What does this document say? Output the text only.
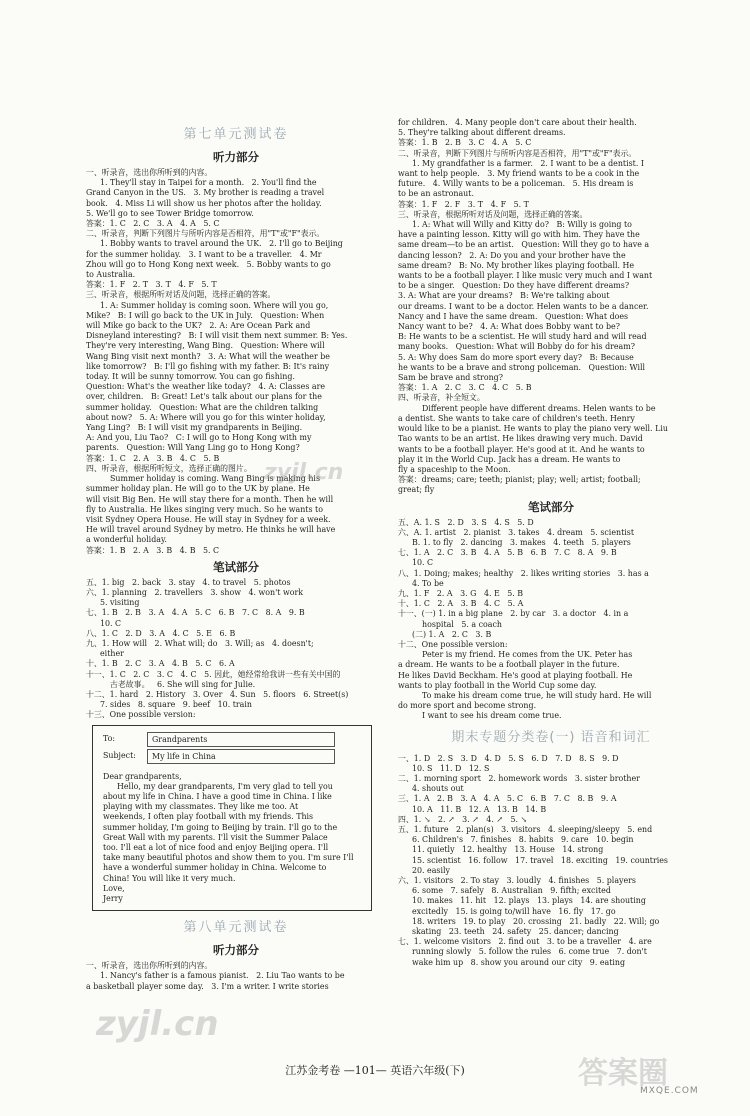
第七单元测试卷
听力部分
一、听录音，选出你所听到的内容。
1. They'll stay in Taipei for a month.   2. You'll find the
Grand Canyon in the US.   3. My brother is reading a travel
book.   4. Miss Li will show us her photos after the holiday.
5. We'll go to see Tower Bridge tomorrow.
答案：1. C   2. C   3. A   4. A   5. C
二、听录音，判断下列图片与所听内容是否相符，用"T"或"F"表示。
1. Bobby wants to travel around the UK.   2. I'll go to Beijing
for the summer holiday.   3. I want to be a traveller.   4. Mr
Zhou will go to Hong Kong next week.   5. Bobby wants to go
to Australia.
答案：1. F   2. T   3. T   4. F   5. T
三、听录音，根据所听对话及问题，选择正确的答案。
1. A: Summer holiday is coming soon. Where will you go,
Mike?   B: I will go back to the UK in July.   Question: When
will Mike go back to the UK?   2. A: Are Ocean Park and
Disneyland interesting?   B: I will visit them next summer. B: Yes.
They're very interesting, Wang Bing.   Question: Where will
Wang Bing visit next month?   3. A: What will the weather be
like tomorrow?   B: I'll go fishing with my father. B: It's rainy
today. It will be sunny tomorrow. You can go fishing.
Question: What's the weather like today?   4. A: Classes are
over, children.   B: Great! Let's talk about our plans for the
summer holiday.   Question: What are the children talking
about now?   5. A: Where will you go for this winter holiday,
Yang Ling?   B: I will visit my grandparents in Beijing.
A: And you, Liu Tao?   C: I will go to Hong Kong with my
parents.   Question: Will Yang Ling go to Hong Kong?
答案：1. C   2. A   3. B   4. C   5. B
四、听录音，根据所听短文，选择正确的图片。
Summer holiday is coming. Wang Bing is making his
summer holiday plan. He will go to the UK by plane. He
will visit Big Ben. He will stay there for a month. Then he will
fly to Australia. He likes singing very much. So he wants to
visit Sydney Opera House. He will stay in Sydney for a week.
He will travel around Sydney by metro. He thinks he will have
a wonderful holiday.
答案：1. B   2. A   3. B   4. B   5. C
笔试部分
五、1. big   2. back   3. stay   4. to travel   5. photos
六、1. planning   2. travellers   3. show   4. won't work
5. visiting
七、1. B   2. B   3. A   4. A   5. C   6. B   7. C   8. A   9. B
10. C
八、1. C   2. D   3. A   4. C   5. E   6. B
九、1. How will   2. What will; do   3. Will; as   4. doesn't;
either
十、1. B   2. C   3. A   4. B   5. C   6. A
十一、1. C   2. C   3. C   4. C   5. 因此，她经常给我讲一些有关中国的
古老故事。   6. She will sing for Julie.
十二、1. hard   2. History   3. Over   4. Sun   5. floors   6. Street(s)
7. sides   8. square   9. beef   10. train
十三、One possible version:
To:	Grandparents
Subject:	My life in China
Dear grandparents,
Hello, my dear grandparents, I'm very glad to tell you
about my life in China. I have a good time in China. I like
playing with my classmates. They like me too. At
weekends, I often play football with my friends. This
summer holiday, I'm going to Beijing by train. I'll go to the
Great Wall with my parents. I'll visit the Summer Palace
too. I'll eat a lot of nice food and enjoy Beijing opera. I'll
take many beautiful photos and show them to you. I'm sure I'll
have a wonderful summer holiday in China. Welcome to
China! You will like it very much.
Love,
Jerry
第八单元测试卷
听力部分
一、听录音，选出你所听到的内容。
1. Nancy's father is a famous pianist.   2. Liu Tao wants to be
a basketball player some day.   3. I'm a writer. I write stories
for children.   4. Many people don't care about their health.
5. They're talking about different dreams.
答案：1. B   2. B   3. C   4. A   5. C
二、听录音，判断下列图片与所听内容是否相符，用"T"或"F"表示。
1. My grandfather is a farmer.   2. I want to be a dentist. I
want to help people.   3. My friend wants to be a cook in the
future.   4. Willy wants to be a policeman.   5. His dream is
to be an astronaut.
答案：1. F   2. F   3. T   4. F   5. T
三、听录音，根据所听对话及问题，选择正确的答案。
1. A: What will Willy and Kitty do?   B: Willy is going to
have a painting lesson. Kitty will go with him. They have the
same dream—to be an artist.   Question: Will they go to have a
dancing lesson?   2. A: Do you and your brother have the
same dream?   B: No. My brother likes playing football. He
wants to be a football player. I like music very much and I want
to be a singer.   Question: Do they have different dreams?
3. A: What are your dreams?   B: We're talking about
our dreams. I want to be a doctor. Helen wants to be a dancer.
Nancy and I have the same dream.   Question: What does
Nancy want to be?   4. A: What does Bobby want to be?
B: He wants to be a scientist. He will study hard and will read
many books.   Question: What will Bobby do for his dream?
5. A: Why does Sam do more sport every day?   B: Because
he wants to be a brave and strong policeman.   Question: Will
Sam be brave and strong?
答案：1. A   2. C   3. C   4. C   5. B
四、听录音，补全短文。
Different people have different dreams. Helen wants to be
a dentist. She wants to take care of children's teeth. Henry
would like to be a pianist. He wants to play the piano very well. Liu
Tao wants to be an artist. He likes drawing very much. David
wants to be a football player. He's good at it. And he wants to
play it in the World Cup. Jack has a dream. He wants to
fly a spaceship to the Moon.
答案：dreams; care; teeth; pianist; play; well; artist; football;
great; fly
笔试部分
五、A. 1. S   2. D   3. S   4. S   5. D
六、A. 1. artist   2. pianist   3. takes   4. dream   5. scientist
B. 1. to fly   2. dancing   3. makes   4. teeth   5. players
七、1. A   2. C   3. B   4. A   5. B   6. B   7. C   8. A   9. B
10. C
八、1. Doing; makes; healthy   2. likes writing stories   3. has a
4. To be
九、1. F   2. A   3. G   4. E   5. B
十、1. C   2. A   3. B   4. C   5. A
十一、(一) 1. in a big plane   2. by car   3. a doctor   4. in a
hospital   5. a coach
(二) 1. A   2. C   3. B
十二、One possible version:
Peter is my friend. He comes from the UK. Peter has
a dream. He wants to be a football player in the future.
He likes David Beckham. He's good at playing football. He
wants to play football in the World Cup some day.
To make his dream come true, he will study hard. He will
do more sport and become strong.
I want to see his dream come true.
期末专题分类卷(一) 语音和词汇
一、1. D   2. S   3. D   4. D   5. S   6. D   7. D   8. S   9. D
10. S   11. D   12. S
二、1. morning sport   2. homework words   3. sister brother
4. shouts out
三、1. A   2. B   3. A   4. A   5. C   6. B   7. C   8. B   9. A
10. A   11. B   12. A   13. B   14. B
四、1. ↘   2. ↗   3. ↗   4. ↗   5. ↘
五、1. future   2. plan(s)   3. visitors   4. sleeping/sleepy   5. end
6. Children's   7. finishes   8. habits   9. care   10. begin
11. quietly   12. healthy   13. House   14. strong
15. scientist   16. follow   17. travel   18. exciting   19. countries
20. easily
六、1. visitors   2. To stay   3. loudly   4. finishes   5. players
6. some   7. safely   8. Australian   9. fifth; excited
10. makes   11. hit   12. plays   13. plays   14. are shouting
excitedly   15. is going to/will have   16. fly   17. go
18. writers   19. to play   20. crossing   21. badly   22. Will; go
skating   23. teeth   24. safety   25. dancer; dancing
七、1. welcome visitors   2. find out   3. to be a traveller   4. are
running slowly   5. follow the rules   6. come true   7. don't
wake him up   8. show you around our city   9. eating
江苏金考卷 —101— 英语六年级(下)
zyjl.cn
zyjl.cn
答案圈
MXQE.COM
